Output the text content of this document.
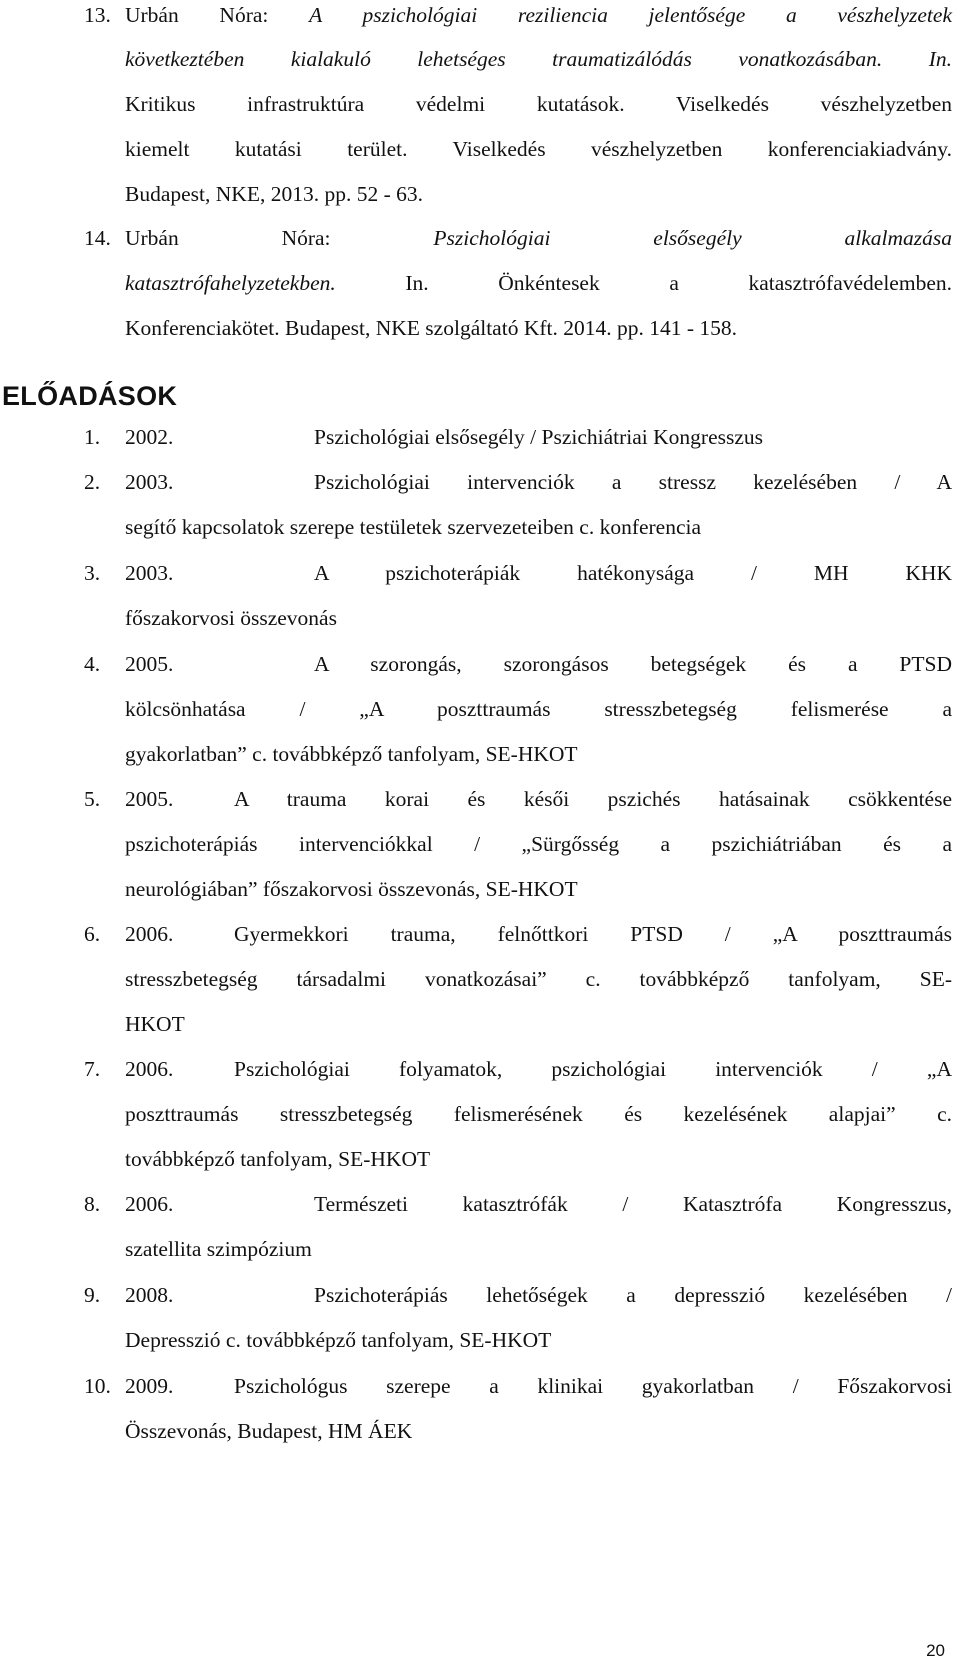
13. Urbán Nóra: A pszichológiai reziliencia jelentősége a vészhelyzetek
következtében kialakuló lehetséges traumatizálódás vonatkozásában. In.
Kritikus infrastruktúra védelmi kutatások. Viselkedés vészhelyzetben
kiemelt kutatási terület. Viselkedés vészhelyzetben konferenciakiadvány.
Budapest, NKE, 2013. pp. 52 - 63.
14. Urbán Nóra: Pszichológiai elsősegély alkalmazása
katasztrófahelyzetekben. In. Önkéntesek a katasztrófavédelemben.
Konferenciakötet. Budapest, NKE szolgáltató Kft. 2014. pp. 141 - 158.
ELŐADÁSOK
1. 2002.	Pszichológiai elsősegély / Pszichiátriai Kongresszus
2. 2003.	Pszichológiai intervenciók a stressz kezelésében / A
segítő kapcsolatok szerepe testületek szervezeteiben c. konferencia
3. 2003.	A pszichoterápiák hatékonysága / MH KHK
főszakorvosi összevonás
4. 2005.	A szorongás, szorongásos betegségek és a PTSD
kölcsönhatása / „A poszttraumás stresszbetegség felismerése a
gyakorlatban” c. továbbképző tanfolyam, SE-HKOT
5. 2005.	A trauma korai és késői pszichés hatásainak csökkentése
pszichoterápiás intervenciókkal / „Sürgősség a pszichiátriában és a
neurológiában” főszakorvosi összevonás, SE-HKOT
6. 2006.	Gyermekkori trauma, felnőttkori PTSD / „A poszttraumás
stresszbetegség társadalmi vonatkozásai” c. továbbképző tanfolyam, SE-
HKOT
7. 2006.	Pszichológiai folyamatok, pszichológiai intervenciók / „A
poszttraumás stresszbetegség felismerésének és kezelésének alapjai” c.
továbbképző tanfolyam, SE-HKOT
8. 2006.	Természeti katasztrófák / Katasztrófa Kongresszus,
szatellita szimpózium
9. 2008.	Pszichoterápiás lehetőségek a depresszió kezelésében /
Depresszió c. továbbképző tanfolyam, SE-HKOT
10. 2009.	Pszichológus szerepe a klinikai gyakorlatban / Főszakorvosi
Összevonás, Budapest, HM ÁEK
20
